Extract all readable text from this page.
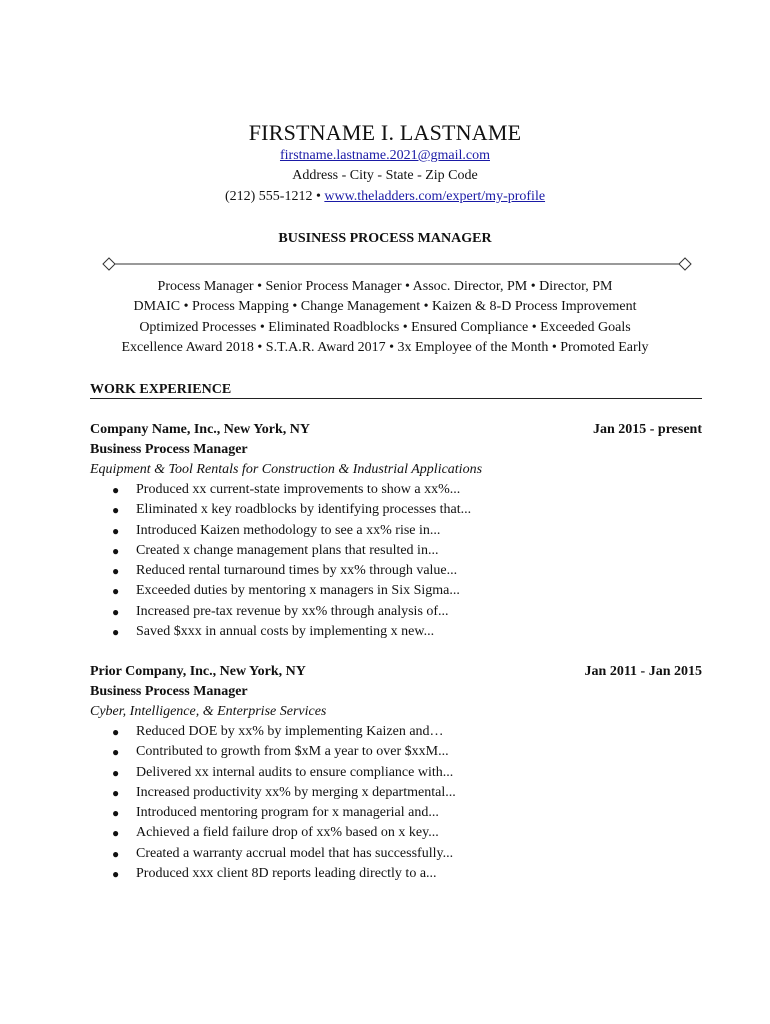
FIRSTNAME I. LASTNAME
firstname.lastname.2021@gmail.com
Address - City - State - Zip Code
(212) 555-1212 • www.theladders.com/expert/my-profile
BUSINESS PROCESS MANAGER
Process Manager • Senior Process Manager • Assoc. Director, PM • Director, PM
DMAIC • Process Mapping • Change Management • Kaizen & 8-D Process Improvement
Optimized Processes • Eliminated Roadblocks • Ensured Compliance • Exceeded Goals
Excellence Award 2018 • S.T.A.R. Award 2017 • 3x Employee of the Month • Promoted Early
WORK EXPERIENCE
Company Name, Inc., New York, NY	Jan 2015 - present
Business Process Manager
Equipment & Tool Rentals for Construction & Industrial Applications
● Produced xx current-state improvements to show a xx%...
● Eliminated x key roadblocks by identifying processes that...
● Introduced Kaizen methodology to see a xx% rise in...
● Created x change management plans that resulted in...
● Reduced rental turnaround times by xx% through value...
● Exceeded duties by mentoring x managers in Six Sigma...
● Increased pre-tax revenue by xx% through analysis of...
● Saved $xxx in annual costs by implementing x new...
Prior Company, Inc., New York, NY	Jan 2011 - Jan 2015
Business Process Manager
Cyber, Intelligence, & Enterprise Services
● Reduced DOE by xx% by implementing Kaizen and…
● Contributed to growth from $xM a year to over $xxM...
● Delivered xx internal audits to ensure compliance with...
● Increased productivity xx% by merging x departmental...
● Introduced mentoring program for x managerial and...
● Achieved a field failure drop of xx% based on x key...
● Created a warranty accrual model that has successfully...
● Produced xxx client 8D reports leading directly to a...
